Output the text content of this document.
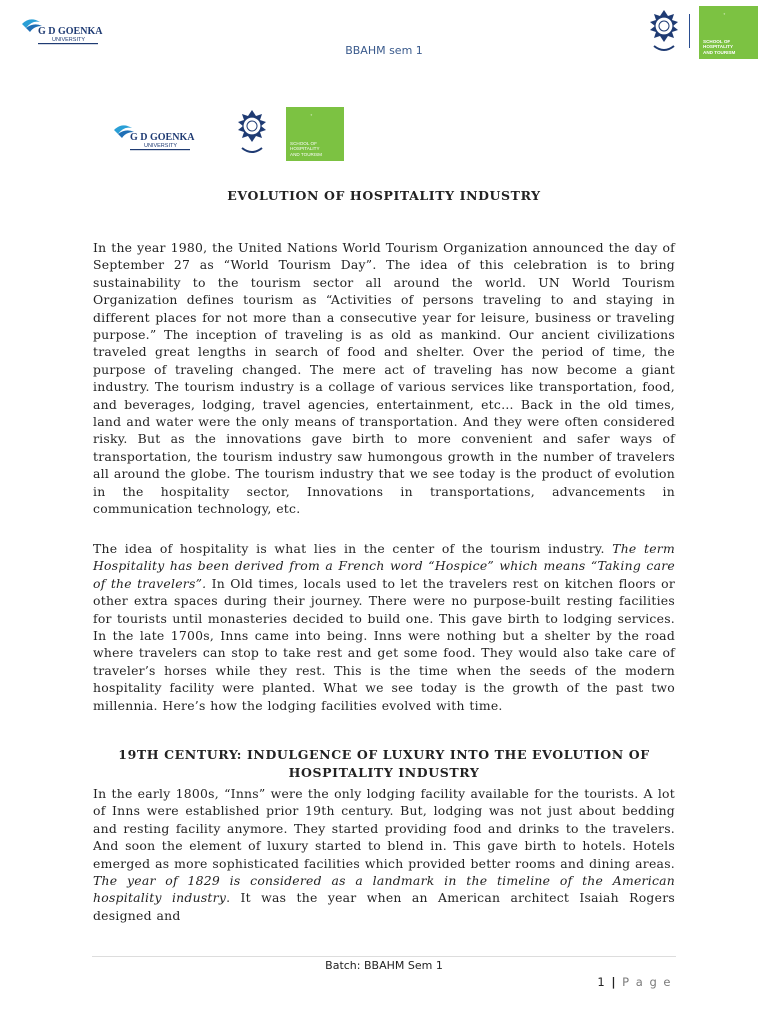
G D GOENKA
UNIVERSITY
BBAHM sem 1
✦
SCHOOL OF
HOSPITALITY
AND TOURISM
G D GOENKA
UNIVERSITY
✦
SCHOOL OF
HOSPITALITY
AND TOURISM
EVOLUTION OF HOSPITALITY INDUSTRY

In the year 1980, the United Nations World Tourism Organization announced the day of September 27 as “World Tourism Day”. The idea of this celebration is to bring sustainability to the tourism sector all around the world. UN World Tourism Organization defines tourism as “Activities of persons traveling to and staying in different places for not more than a consecutive year for leisure, business or traveling purpose.” The inception of traveling is as old as mankind. Our ancient civilizations traveled great lengths in search of food and shelter. Over the period of time, the purpose of traveling changed. The mere act of traveling has now become a giant industry. The tourism industry is a collage of various services like transportation, food, and beverages, lodging, travel agencies, entertainment, etc… Back in the old times, land and water were the only means of transportation. And they were often considered risky. But as the innovations gave birth to more convenient and safer ways of transportation, the tourism industry saw humongous growth in the number of travelers all around the globe. The tourism industry that we see today is the product of evolution in the hospitality sector, Innovations in transportations, advancements in communication technology, etc.

The idea of hospitality is what lies in the center of the tourism industry. The term Hospitality has been derived from a French word “Hospice” which means “Taking care of the travelers”. In Old times, locals used to let the travelers rest on kitchen floors or other extra spaces during their journey. There were no purpose-built resting facilities for tourists until monasteries decided to build one. This gave birth to lodging services. In the late 1700s, Inns came into being. Inns were nothing but a shelter by the road where travelers can stop to take rest and get some food. They would also take care of traveler’s horses while they rest. This is the time when the seeds of the modern hospitality facility were planted. What we see today is the growth of the past two millennia. Here’s how the lodging facilities evolved with time.

19TH CENTURY: INDULGENCE OF LUXURY INTO THE EVOLUTION OF HOSPITALITY INDUSTRY

In the early 1800s, “Inns” were the only lodging facility available for the tourists. A lot of Inns were established prior 19th century. But, lodging was not just about bedding and resting facility anymore. They started providing food and drinks to the travelers. And soon the element of luxury started to blend in. This gave birth to hotels. Hotels emerged as more sophisticated facilities which provided better rooms and dining areas. The year of 1829 is considered as a landmark in the timeline of the American hospitality industry. It was the year when an American architect Isaiah Rogers designed and

Batch: BBAHM Sem 1
1 | P a g e
